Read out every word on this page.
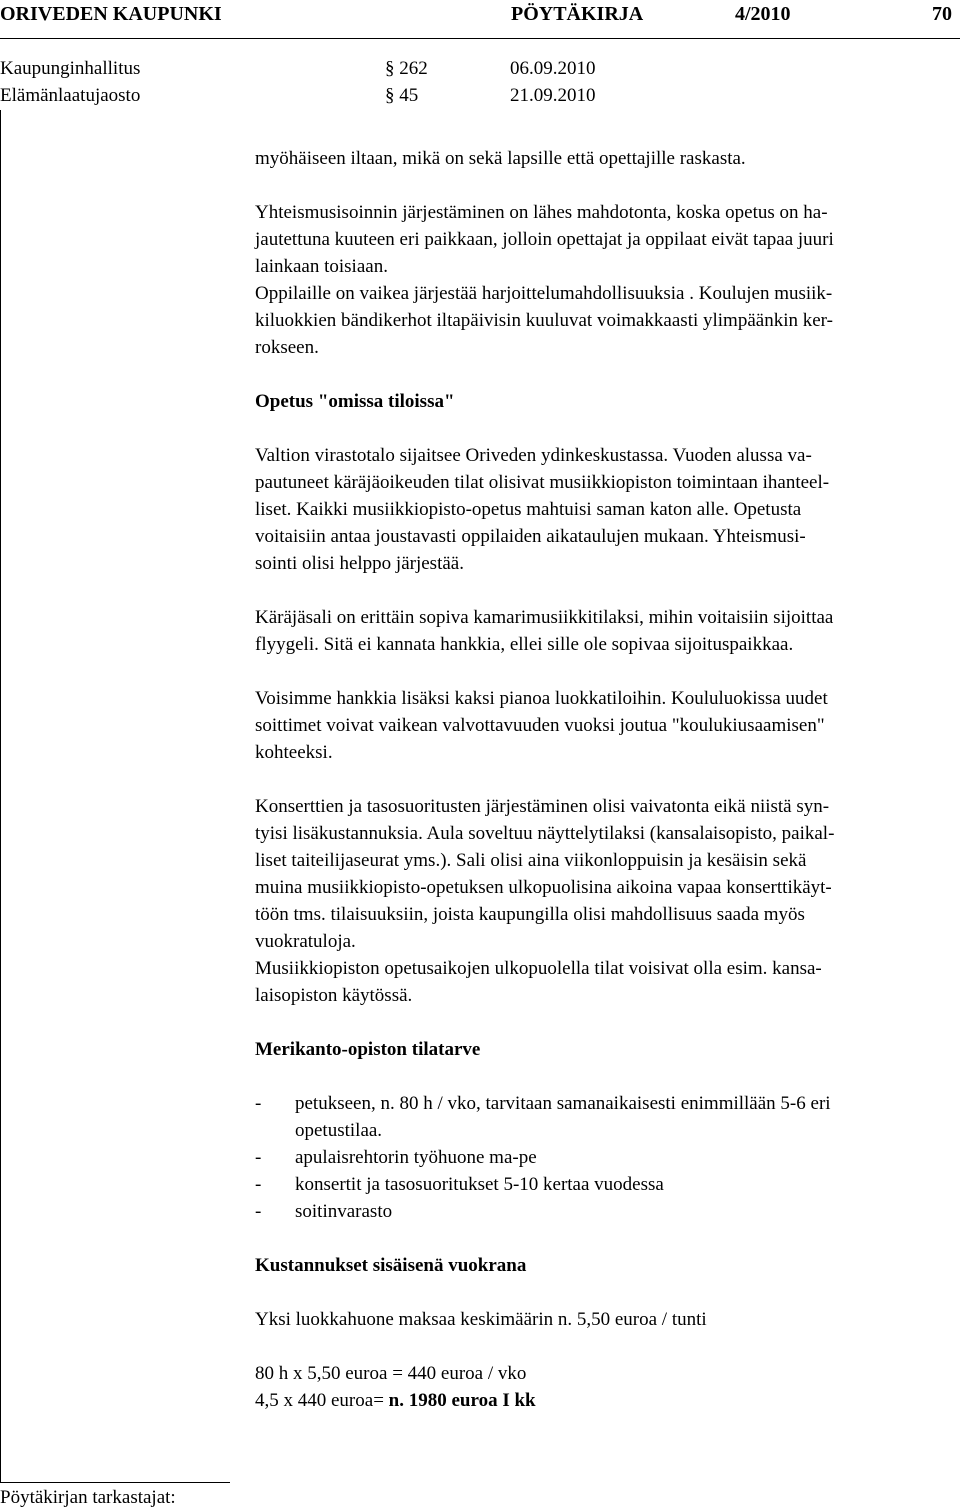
ORIVEDEN KAUPUNKI	PÖYTÄKIRJA	4/2010	70
Kaupunginhallitus	§ 262	06.09.2010
Elämänlaatujaosto	§ 45	21.09.2010

myöhäiseen iltaan, mikä on sekä lapsille että opettajille raskasta.

Yhteismusisoinnin järjestäminen on lähes mahdotonta, koska opetus on ha-

jautettuna kuuteen eri paikkaan, jolloin opettajat ja oppilaat eivät tapaa juuri

lainkaan toisiaan.

Oppilaille on vaikea järjestää harjoittelumahdollisuuksia . Koulujen musiik-

kiluokkien bändikerhot iltapäivisin kuuluvat voimakkaasti ylimpäänkin ker-

rokseen.

Opetus "omissa tiloissa"

Valtion virastotalo sijaitsee Oriveden ydinkeskustassa. Vuoden alussa va-

pautuneet käräjäoikeuden tilat olisivat musiikkiopiston toimintaan ihanteel-

liset. Kaikki musiikkiopisto-opetus mahtuisi saman katon alle. Opetusta

voitaisiin antaa joustavasti oppilaiden aikataulujen mukaan. Yhteismusi-

sointi olisi helppo järjestää.

Käräjäsali on erittäin sopiva kamarimusiikkitilaksi, mihin voitaisiin sijoittaa

flyygeli. Sitä ei kannata hankkia, ellei sille ole sopivaa sijoituspaikkaa.

Voisimme hankkia lisäksi kaksi pianoa luokkatiloihin. Koululuokissa uudet

soittimet voivat vaikean valvottavuuden vuoksi joutua "koulukiusaamisen"

kohteeksi.

Konserttien ja tasosuoritusten järjestäminen olisi vaivatonta eikä niistä syn-

tyisi lisäkustannuksia. Aula soveltuu näyttelytilaksi (kansalaisopisto, paikal-

liset taiteilijaseurat yms.). Sali olisi aina viikonloppuisin ja kesäisin sekä

muina musiikkiopisto-opetuksen ulkopuolisina aikoina vapaa konserttikäyt-

töön tms. tilaisuuksiin, joista kaupungilla olisi mahdollisuus saada myös

vuokratuloja.

Musiikkiopiston opetusaikojen ulkopuolella tilat voisivat olla esim. kansa-

laisopiston käytössä.

Merikanto-opiston tilatarve

-	petukseen, n. 80 h / vko, tarvitaan samanaikaisesti enimmillään 5-6 eri
opetustilaa.
-	apulaisrehtorin työhuone ma-pe
-	konsertit ja tasosuoritukset 5-10 kertaa vuodessa
-	soitinvarasto

Kustannukset sisäisenä vuokrana

Yksi luokkahuone maksaa keskimäärin n. 5,50 euroa / tunti

80 h x 5,50 euroa = 440 euroa / vko

4,5 x 440 euroa= n. 1980 euroa I kk

Pöytäkirjan tarkastajat:
